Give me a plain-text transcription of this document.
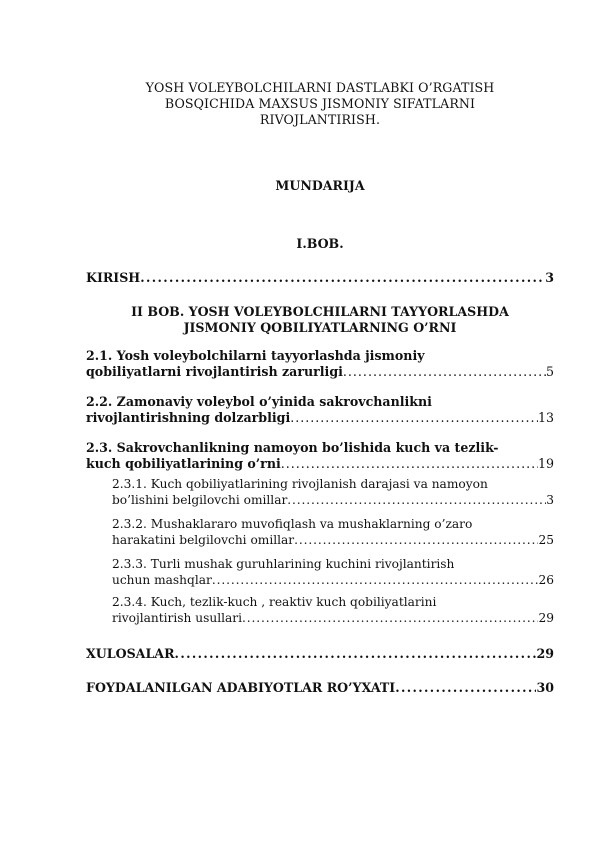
YOSH VOLEYBOLCHILARNI DASTLABKI O’RGATISH
BOSQICHIDA MAXSUS JISMONIY SIFATLARNI
RIVOJLANTIRISH.
MUNDARIJA
I.BOB.
KIRISH . . .	3
II BOB. YOSH VOLEYBOLCHILARNI TAYYORLASHDA
JISMONIY QOBILIYATLARNING O’RNI
2.1. Yosh voleybolchilarni tayyorlashda jismoniy
qobiliyatlarni rivojlantirish zarurligi . . .	5
2.2. Zamonaviy voleybol o’yinida sakrovchanlikni
rivojlantirishning dolzarbligi . . .	13
2.3. Sakrovchanlikning namoyon bo’lishida kuch va tezlik-
kuch qobiliyatlarining o’rni . . .	19
2.3.1. Kuch qobiliyatlarining rivojlanish darajasi va namoyon
bo’lishini belgilovchi omillar . . .	3
2.3.2. Mushaklararo muvofiqlash va mushaklarning o’zaro
harakatini belgilovchi omillar . . .	25
2.3.3. Turli mushak guruhlarining kuchini rivojlantirish
uchun mashqlar . . .	26
2.3.4. Kuch, tezlik-kuch , reaktiv kuch qobiliyatlarini
rivojlantirish usullari . . .	29
XULOSALAR . . .	29
FOYDALANILGAN ADABIYOTLAR RO’YXATI . . .	30
